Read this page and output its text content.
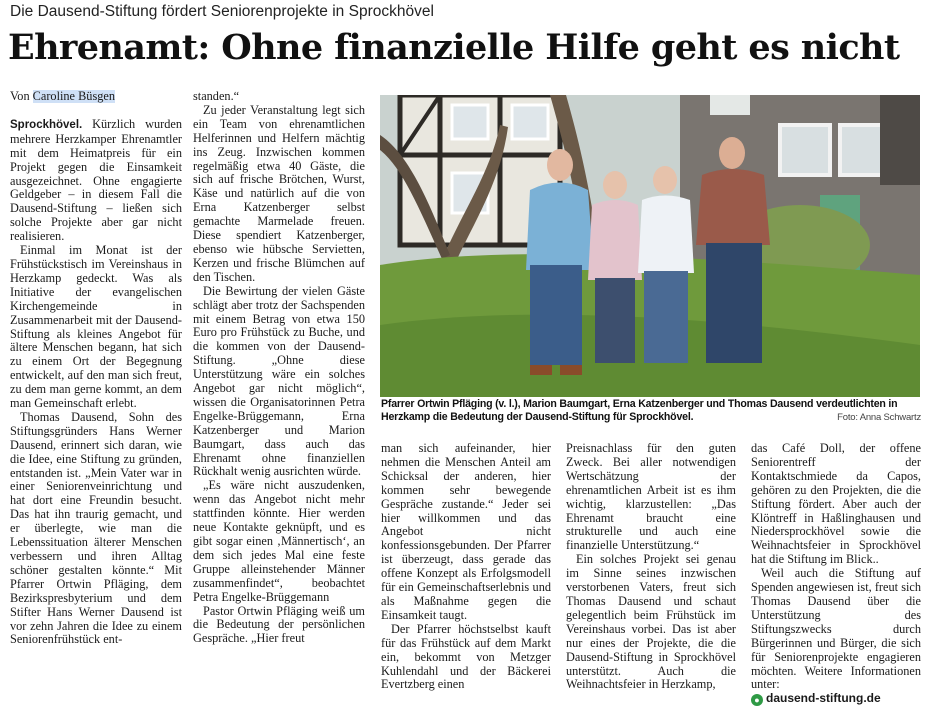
Die Dausend-Stiftung fördert Seniorenprojekte in Sprockhövel
Ehrenamt: Ohne finanzielle Hilfe geht es nicht

Von Caroline Büsgen

Sprockhövel. Kürzlich wurden mehrere Herzkamper Ehrenamtler mit dem Heimatpreis für ein Projekt gegen die Einsamkeit ausgezeichnet. Ohne engagierte Geldgeber – in diesem Fall die Dausend-Stiftung – ließen sich solche Projekte aber gar nicht realisieren.

Einmal im Monat ist der Frühstückstisch im Vereinshaus in Herzkamp gedeckt. Was als Initiative der evangelischen Kirchengemeinde in Zusammenarbeit mit der Dausend-Stiftung als kleines Angebot für ältere Menschen begann, hat sich zu einem Ort der Begegnung entwickelt, auf den man sich freut, zu dem man gerne kommt, an dem man Gemeinschaft erlebt.

Thomas Dausend, Sohn des Stiftungsgründers Hans Werner Dausend, erinnert sich daran, wie die Idee, eine Stiftung zu gründen, entstanden ist. „Mein Vater war in einer Seniorenveinrichtung und hat dort eine Freundin besucht. Das hat ihn traurig gemacht, und er überlegte, wie man die Lebenssituation älterer Menschen verbessern und ihren Alltag schöner gestalten könnte.“ Mit Pfarrer Ortwin Pfläging, dem Bezirkspresbyterium und dem Stifter Hans Werner Dausend ist vor zehn Jahren die Idee zu einem Seniorenfrühstück ent-

standen.“

Zu jeder Veranstaltung legt sich ein Team von ehrenamtlichen Helferinnen und Helfern mächtig ins Zeug. Inzwischen kommen regelmäßig etwa 40 Gäste, die sich auf frische Brötchen, Wurst, Käse und natürlich auf die von Erna Katzenberger selbst gemachte Marmelade freuen. Diese spendiert Katzenberger, ebenso wie hübsche Servietten, Kerzen und frische Blümchen auf den Tischen.

Die Bewirtung der vielen Gäste schlägt aber trotz der Sachspenden mit einem Betrag von etwa 150 Euro pro Frühstück zu Buche, und die kommen von der Dausend-Stiftung. „Ohne diese Unterstützung wäre ein solches Angebot gar nicht möglich“, wissen die Organisatorinnen Petra Engelke-Brüggemann, Erna Katzenberger und Marion Baumgart, dass auch das Ehrenamt ohne finanziellen Rückhalt wenig ausrichten würde.

„Es wäre nicht auszudenken, wenn das Angebot nicht mehr stattfinden könnte. Hier werden neue Kontakte geknüpft, und es gibt sogar einen ‚Männertisch‘, an dem sich jedes Mal eine feste Gruppe alleinstehender Männer zusammenfindet“, beobachtet Petra Engelke-Brüggemann

Pastor Ortwin Pfläging weiß um die Bedeutung der persönlichen Gespräche. „Hier freut

Pfarrer Ortwin Pfläging (v. l.), Marion Baumgart, Erna Katzenberger und Thomas Dausend verdeutlichten in Herzkamp die Bedeutung der Dausend-Stiftung für Sprockhövel.	Foto: Anna Schwartz

man sich aufeinander, hier nehmen die Menschen Anteil am Schicksal der anderen, hier kommen sehr bewegende Gespräche zustande.“ Jeder sei hier willkommen und das Angebot nicht konfessionsgebunden. Der Pfarrer ist überzeugt, dass gerade das offene Konzept als Erfolgsmodell für ein Gemeinschaftserlebnis und als Maßnahme gegen die Einsamkeit taugt.

Der Pfarrer höchstselbst kauft für das Frühstück auf dem Markt ein, bekommt von Metzger Kuhlendahl und der Bäckerei Evertzberg einen

Preisnachlass für den guten Zweck. Bei aller notwendigen Wertschätzung der ehrenamtlichen Arbeit ist es ihm wichtig, klarzustellen: „Das Ehrenamt braucht eine strukturelle und auch eine finanzielle Unterstützung.“

Ein solches Projekt sei genau im Sinne seines inzwischen verstorbenen Vaters, freut sich Thomas Dausend und schaut gelegentlich beim Frühstück im Vereinshaus vorbei. Das ist aber nur eines der Projekte, die die Dausend-Stiftung in Sprockhövel unterstützt. Auch die Weihnachtsfeier in Herzkamp,

das Café Doll, der offene Seniorentreff der Kontaktschmiede da Capos, gehören zu den Projekten, die die Stiftung fördert. Aber auch der Klöntreff in Haßlinghausen und Niedersprockhövel sowie die Weihnachtsfeier in Sprockhövel hat die Stiftung im Blick..

Weil auch die Stiftung auf Spenden angewiesen ist, freut sich Thomas Dausend über die Unterstützung des Stiftungszwecks durch Bürgerinnen und Bürger, die sich für Seniorenprojekte engagieren möchten. Weitere Informationen unter:

● dausend-stiftung.de
